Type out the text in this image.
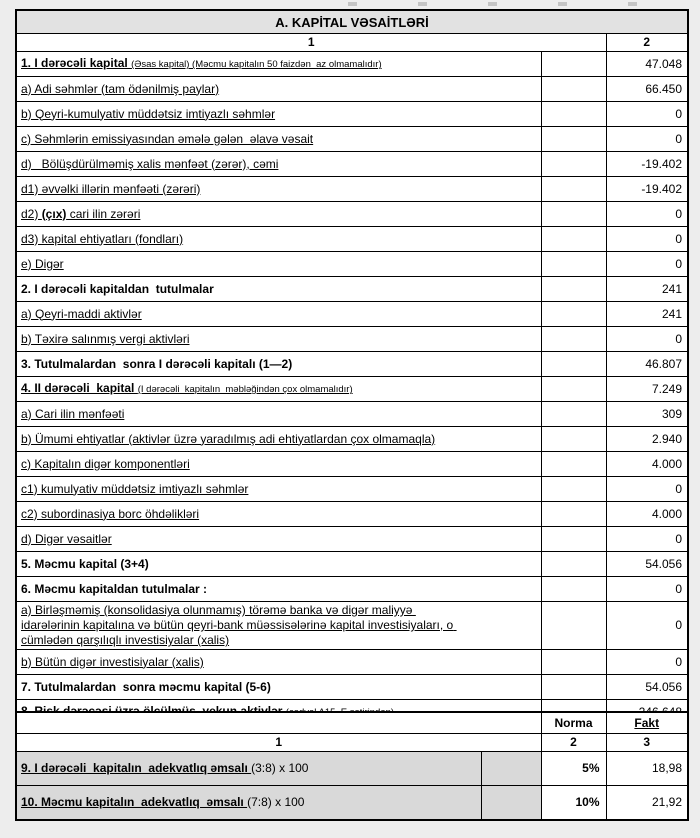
A. KAPİTAL VƏSAİTLƏRİ		
1		2
1. I dərəcəli kapital (Əsas kapital) (Məcmu kapitalın 50 faizdən  az olmamalıdır)		47.048
a) Adi səhmlər (tam ödənilmiş paylar)		66.450
b) Qeyri-kumulyativ müddətsiz imtiyazlı səhmlər		0
c) Səhmlərin emissiyasından əmələ gələn  əlavə vəsait		0
d)   Bölüşdürülməmiş xalis mənfəət (zərər), cəmi		-19.402
d1) əvvəlki illərin mənfəəti (zərəri)		-19.402
d2) (çıx) cari ilin zərəri		0
d3) kapital ehtiyatları (fondları)		0
e) Digər		0
2. I dərəcəli kapitaldan  tutulmalar		241
a) Qeyri-maddi aktivlər		241
b) Təxirə salınmış vergi aktivləri		0
3. Tutulmalardan  sonra I dərəcəli kapitalı (1—2)		46.807
4. II dərəcəli  kapital (I dərəcəli  kapitalın  məbləğindən çox olmamalıdır)		7.249
a) Cari ilin mənfəəti		309
b) Ümumi ehtiyatlar (aktivlər üzrə yaradılmış adi ehtiyatlardan çox olmamaqla)		2.940
c) Kapitalın digər komponentləri		4.000
c1) kumulyativ müddətsiz imtiyazlı səhmlər		0
c2) subordinasiya borc öhdəlikləri		4.000
d) Digər vəsaitlər		0
5. Məcmu kapital (3+4)		54.056
6. Məcmu kapitaldan tutulmalar :		0
a) Birləşməmiş (konsolidasiya olunmamış) törəmə banka və digər maliyyə idarələrinin kapitalına və bütün qeyri-bank müəssisələrinə kapital investisiyaları, o cümlədən qarşılıqlı investisiyalar (xalis)		0
b) Bütün digər investisiyalar (xalis)		0
7. Tutulmalardan  sonra məcmu kapital (5-6)		54.056

		Norma	Fakt
1		2	3
9. I dərəcəli  kapitalın  adekvatlıq əmsalı (3:8) x 100		5%	18,98
10. Məcmu kapitalın  adekvatlıq  əmsalı (7:8) x 100		10%	21,92
